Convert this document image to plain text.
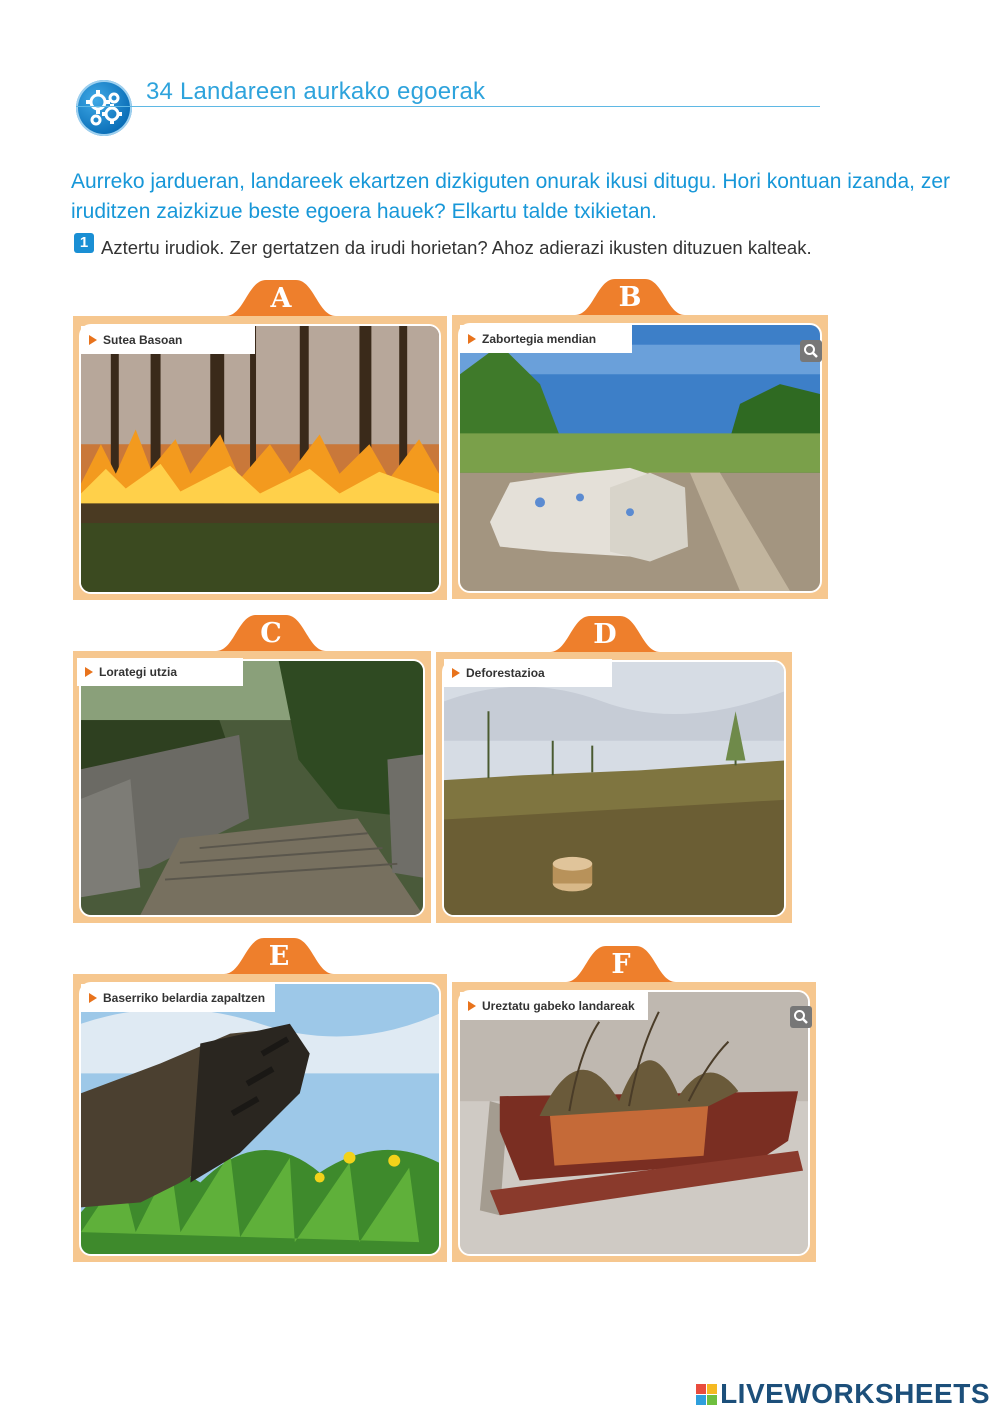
34 Landareen aurkako egoerak
Aurreko jardueran, landareek ekartzen dizkiguten onurak ikusi ditugu. Hori kontuan izanda, zer iruditzen zaizkizue beste egoera hauek? Elkartu talde txikietan.
1 Aztertu irudiok. Zer gertatzen da irudi horietan? Ahoz adierazi ikusten dituzuen kalteak.
A
Sutea Basoan
B
Zabortegia mendian
C
Lorategi utzia
D
Deforestazioa
E
Baserriko belardia zapaltzen
F
Ureztatu gabeko landareak
LIVEWORKSHEETS
